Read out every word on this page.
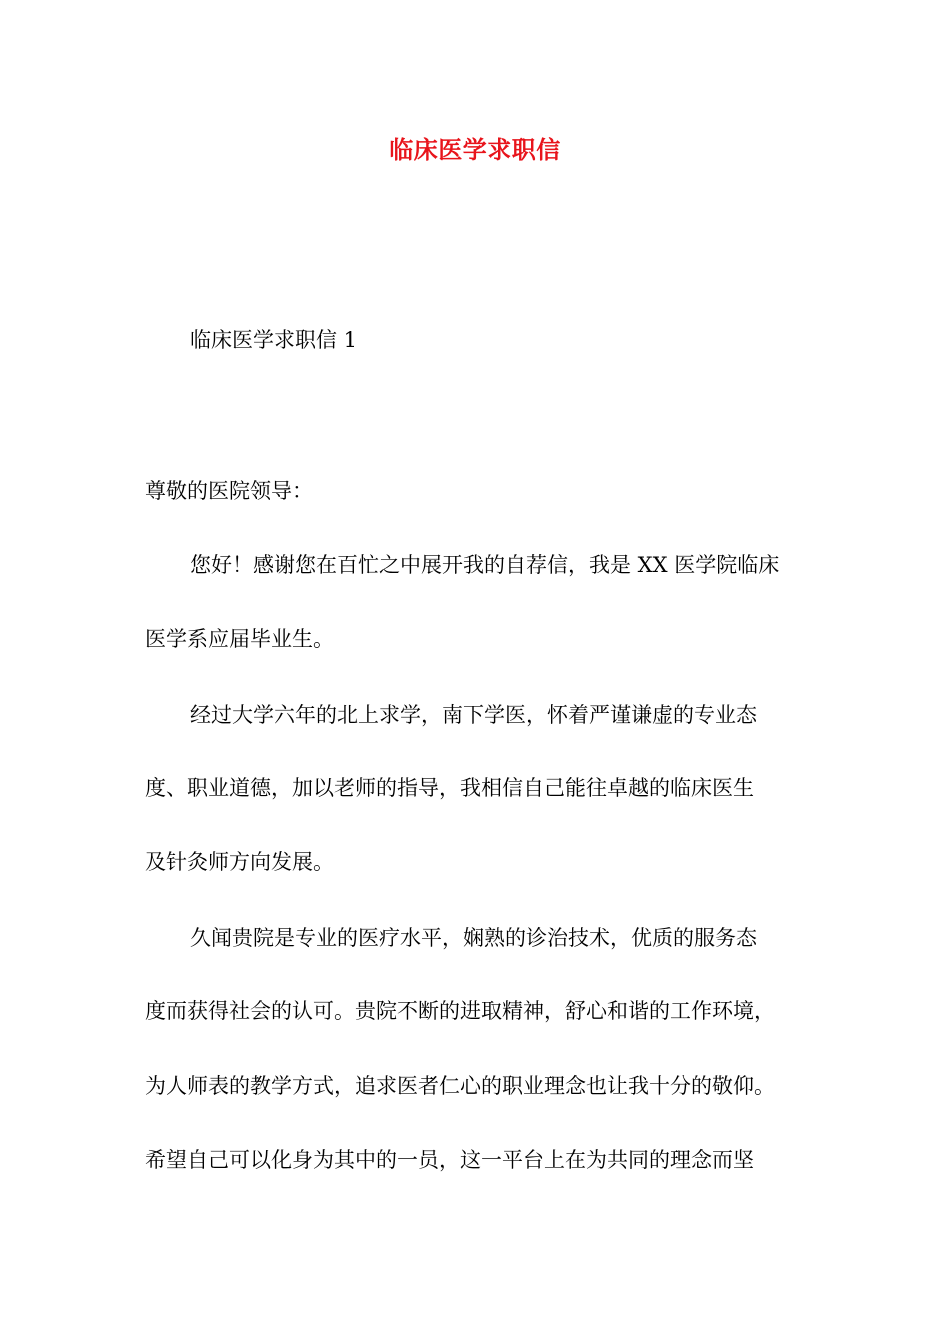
临床医学求职信
临床医学求职信 1
尊敬的医院领导：
您好！感谢您在百忙之中展开我的自荐信，我是 XX 医学院临床
医学系应届毕业生。
经过大学六年的北上求学，南下学医，怀着严谨谦虚的专业态
度、职业道德，加以老师的指导，我相信自己能往卓越的临床医生
及针灸师方向发展。
久闻贵院是专业的医疗水平，娴熟的诊治技术，优质的服务态
度而获得社会的认可。贵院不断的进取精神，舒心和谐的工作环境，
为人师表的教学方式，追求医者仁心的职业理念也让我十分的敬仰。
希望自己可以化身为其中的一员，这一平台上在为共同的理念而坚
